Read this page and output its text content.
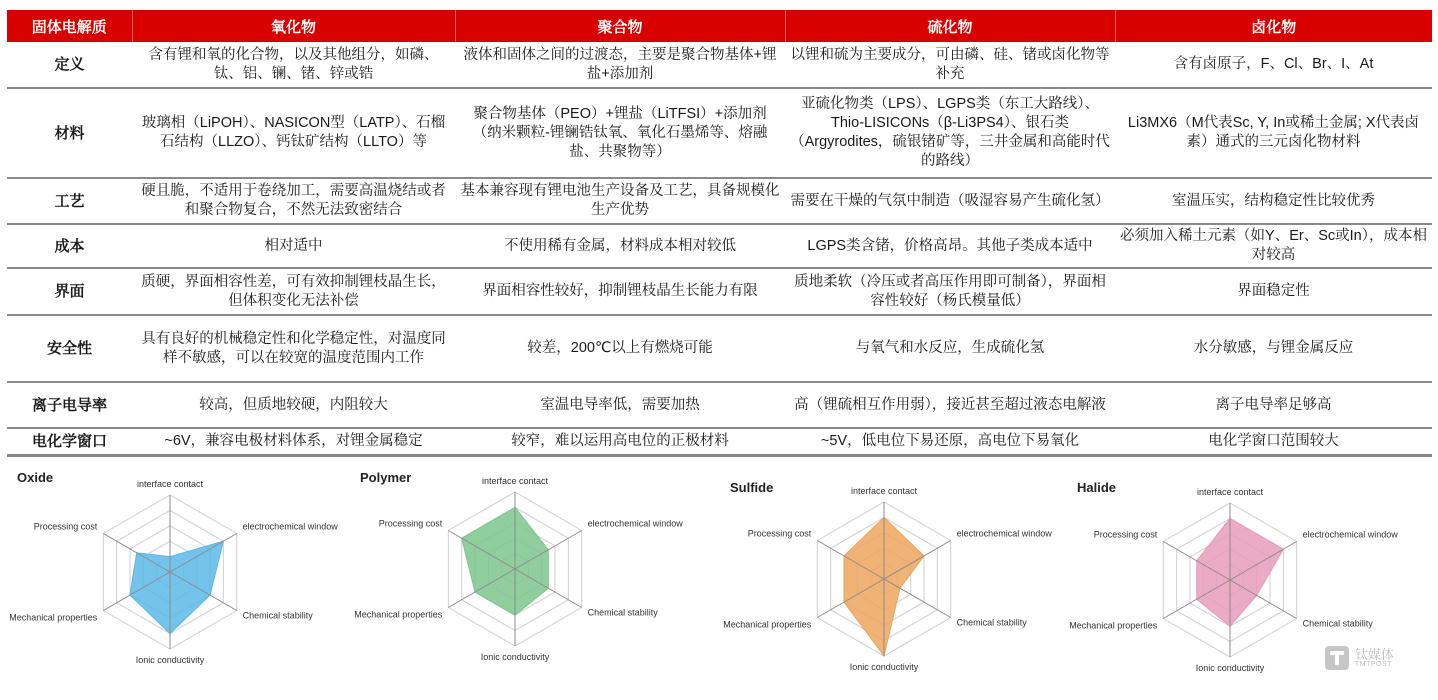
固体电解质	氧化物	聚合物	硫化物	卤化物
定义	含有锂和氧的化合物，以及其他组分，如磷、钛、铝、镧、锗、锌或锆	液体和固体之间的过渡态，主要是聚合物基体+锂盐+添加剂	以锂和硫为主要成分，可由磷、硅、锗或卤化物等补充	含有卤原子，F、Cl、Br、I、At
材料	玻璃相（LiPOH）、NASICON型（LATP）、石榴石结构（LLZO）、钙钛矿结构（LLTO）等	聚合物基体（PEO）+锂盐（LiTFSI）+添加剂（纳米颗粒-锂镧锆钛氧、氧化石墨烯等、熔融盐、共聚物等）	亚硫化物类（LPS）、LGPS类（东工大路线）、Thio-LISICONs（β-Li3PS4）、银石类（Argyrodites，硫银锗矿等，三井金属和高能时代的路线）	Li3MX6（M代表Sc, Y, In或稀土金属; X代表卤素）通式的三元卤化物材料
工艺	硬且脆，不适用于卷绕加工，需要高温烧结或者和聚合物复合，不然无法致密结合	基本兼容现有锂电池生产设备及工艺，具备规模化生产优势	需要在干燥的气氛中制造（吸湿容易产生硫化氢）	室温压实，结构稳定性比较优秀
成本	相对适中	不使用稀有金属，材料成本相对较低	LGPS类含锗，价格高昂。其他子类成本适中	必须加入稀土元素（如Y、Er、Sc或In），成本相对较高
界面	质硬，界面相容性差，可有效抑制锂枝晶生长，但体积变化无法补偿	界面相容性较好，抑制锂枝晶生长能力有限	质地柔软（冷压或者高压作用即可制备），界面相容性较好（杨氏模量低）	界面稳定性
安全性	具有良好的机械稳定性和化学稳定性，对温度同样不敏感，可以在较宽的温度范围内工作	较差，200℃以上有燃烧可能	与氧气和水反应，生成硫化氢	水分敏感，与锂金属反应
离子电导率	较高，但质地较硬，内阻较大	室温电导率低，需要加热	高（锂硫相互作用弱），接近甚至超过液态电解液	离子电导率足够高
电化学窗口	~6V，兼容电极材料体系，对锂金属稳定	较窄，难以运用高电位的正极材料	~5V，低电位下易还原，高电位下易氧化	电化学窗口范围较大
Oxide	interface contact
electrochemical window
Chemical stability
Ionic conductivity
Mechanical properties
Processing cost
Polymer	interface contact
electrochemical window
Chemical stability
Ionic conductivity
Mechanical properties
Processing cost
Sulfide	interface contact
electrochemical window
Chemical stability
Ionic conductivity
Mechanical properties
Processing cost
Halide	interface contact
electrochemical window
Chemical stability
Ionic conductivity
Mechanical properties
Processing cost
钛媒体
TMTPOST
